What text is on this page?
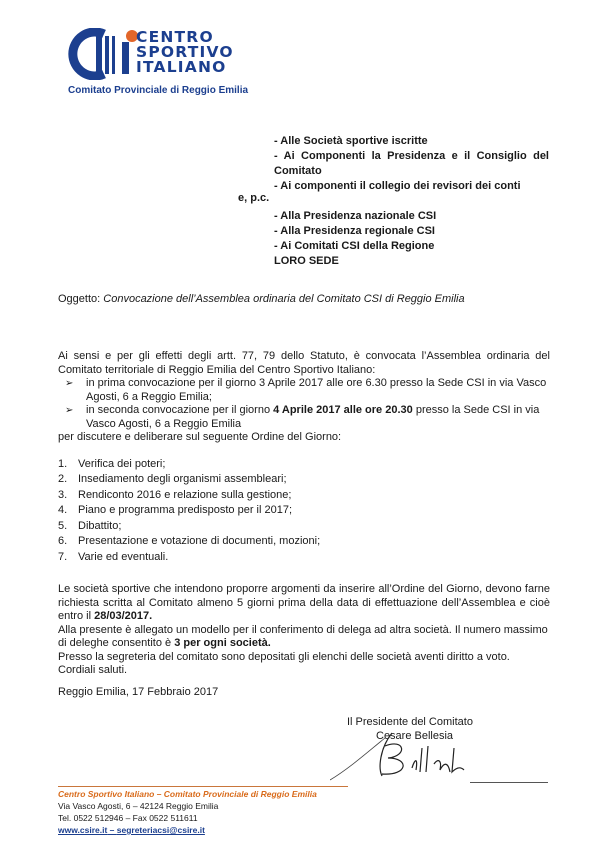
CENTRO
SPORTIVO
ITALIANO
Comitato Provinciale di Reggio Emilia
- Alle Società sportive iscritte
- Ai Componenti la Presidenza e il Consiglio del
Comitato
- Ai componenti il collegio dei revisori dei conti
- Alla Presidenza nazionale CSI
- Alla Presidenza regionale CSI
- Ai Comitati CSI della Regione
LORO SEDE
e, p.c.
Oggetto: Convocazione dell’Assemblea ordinaria del Comitato CSI di Reggio Emilia
Ai sensi e per gli effetti degli artt. 77, 79 dello Statuto, è convocata l’Assemblea ordinaria del Comitato territoriale di Reggio Emilia del Centro Sportivo Italiano:
➢ in prima convocazione per il giorno 3 Aprile 2017 alle ore 6.30 presso la Sede CSI in via Vasco Agosti, 6 a Reggio Emilia;
➢ in seconda convocazione per il giorno 4 Aprile 2017 alle ore 20.30 presso la Sede CSI in via Vasco Agosti, 6 a Reggio Emilia
per discutere e deliberare sul seguente Ordine del Giorno:
1. Verifica dei poteri;
2. Insediamento degli organismi assembleari;
3. Rendiconto 2016 e relazione sulla gestione;
4. Piano e programma predisposto per il 2017;
5. Dibattito;
6. Presentazione e votazione di documenti, mozioni;
7. Varie ed eventuali.
Le società sportive che intendono proporre argomenti da inserire all’Ordine del Giorno, devono farne richiesta scritta al Comitato almeno 5 giorni prima della data di effettuazione dell’Assemblea e cioè entro il 28/03/2017.
Alla presente è allegato un modello per il conferimento di delega ad altra società. Il numero massimo di deleghe consentito è 3 per ogni società.
Presso la segreteria del comitato sono depositati gli elenchi delle società aventi diritto a voto.
Cordiali saluti.
Reggio Emilia, 17 Febbraio 2017
Il Presidente del Comitato
Cesare Bellesia
Centro Sportivo Italiano – Comitato Provinciale di Reggio Emilia
Via Vasco Agosti, 6 – 42124 Reggio Emilia
Tel. 0522 512946 – Fax 0522 511611
www.csire.it – segreteriacsi@csire.it
